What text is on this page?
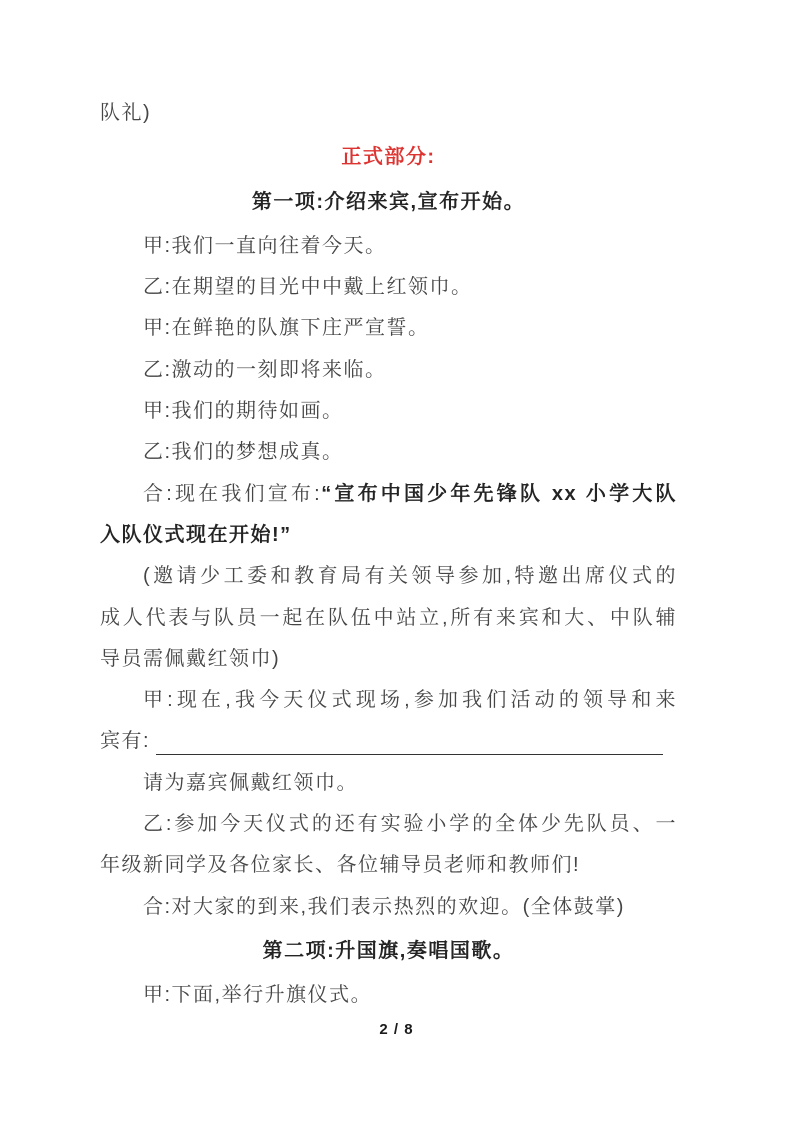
队礼)

正式部分:

第一项:介绍来宾,宣布开始。

甲:我们一直向往着今天。

乙:在期望的目光中中戴上红领巾。

甲:在鲜艳的队旗下庄严宣誓。

乙:激动的一刻即将来临。

甲:我们的期待如画。

乙:我们的梦想成真。

合:现在我们宣布:“宣布中国少年先锋队 xx 小学大队

入队仪式现在开始!”

(邀请少工委和教育局有关领导参加,特邀出席仪式的

成人代表与队员一起在队伍中站立,所有来宾和大、中队辅

导员需佩戴红领巾)

甲:现在,我今天仪式现场,参加我们活动的领导和来

宾有:

请为嘉宾佩戴红领巾。

乙:参加今天仪式的还有实验小学的全体少先队员、一

年级新同学及各位家长、各位辅导员老师和教师们!

合:对大家的到来,我们表示热烈的欢迎。(全体鼓掌)

第二项:升国旗,奏唱国歌。

甲:下面,举行升旗仪式。

2 / 8
